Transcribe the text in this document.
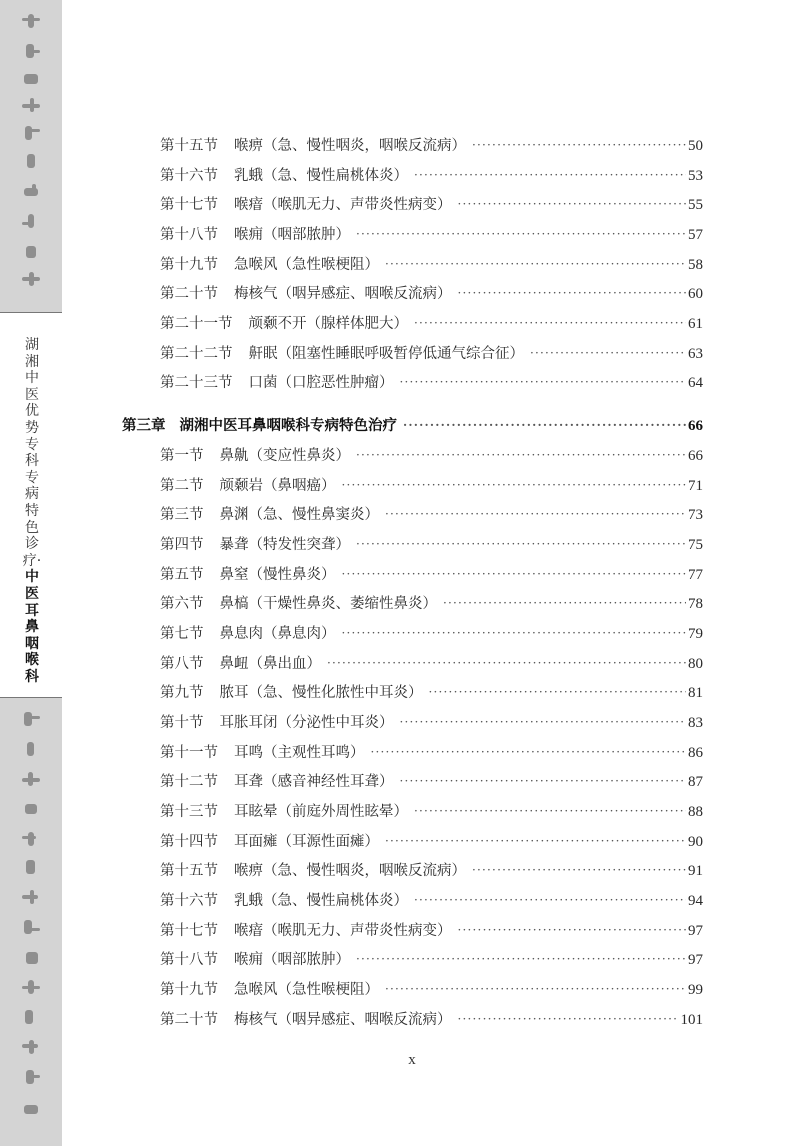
湖湘中医优势专科专病特色诊疗·中医耳鼻咽喉科
第十五节 喉痹（急、慢性咽炎，咽喉反流病） ·····	50
第十六节 乳蛾（急、慢性扁桃体炎） ·····	53
第十七节 喉瘖（喉肌无力、声带炎性病变） ·····	55
第十八节 喉痈（咽部脓肿） ·····	57
第十九节 急喉风（急性喉梗阻） ·····	58
第二十节 梅核气（咽异感症、咽喉反流病） ·····	60
第二十一节 颃颡不开（腺样体肥大） ·····	61
第二十二节 鼾眠（阻塞性睡眠呼吸暂停低通气综合征） ·····	63
第二十三节 口菌（口腔恶性肿瘤） ·····	64
第三章 湖湘中医耳鼻咽喉科专病特色治疗 ·····	66
第一节 鼻鼽（变应性鼻炎） ·····	66
第二节 颃颡岩（鼻咽癌） ·····	71
第三节 鼻渊（急、慢性鼻窦炎） ·····	73
第四节 暴聋（特发性突聋） ·····	75
第五节 鼻窒（慢性鼻炎） ·····	77
第六节 鼻槁（干燥性鼻炎、萎缩性鼻炎） ·····	78
第七节 鼻息肉（鼻息肉） ·····	79
第八节 鼻衄（鼻出血） ·····	80
第九节 脓耳（急、慢性化脓性中耳炎） ·····	81
第十节 耳胀耳闭（分泌性中耳炎） ·····	83
第十一节 耳鸣（主观性耳鸣） ·····	86
第十二节 耳聋（感音神经性耳聋） ·····	87
第十三节 耳眩晕（前庭外周性眩晕） ·····	88
第十四节 耳面瘫（耳源性面瘫） ·····	90
第十五节 喉痹（急、慢性咽炎，咽喉反流病） ·····	91
第十六节 乳蛾（急、慢性扁桃体炎） ·····	94
第十七节 喉瘖（喉肌无力、声带炎性病变） ·····	97
第十八节 喉痈（咽部脓肿） ·····	97
第十九节 急喉风（急性喉梗阻） ·····	99
第二十节 梅核气（咽异感症、咽喉反流病） ·····	101
x
